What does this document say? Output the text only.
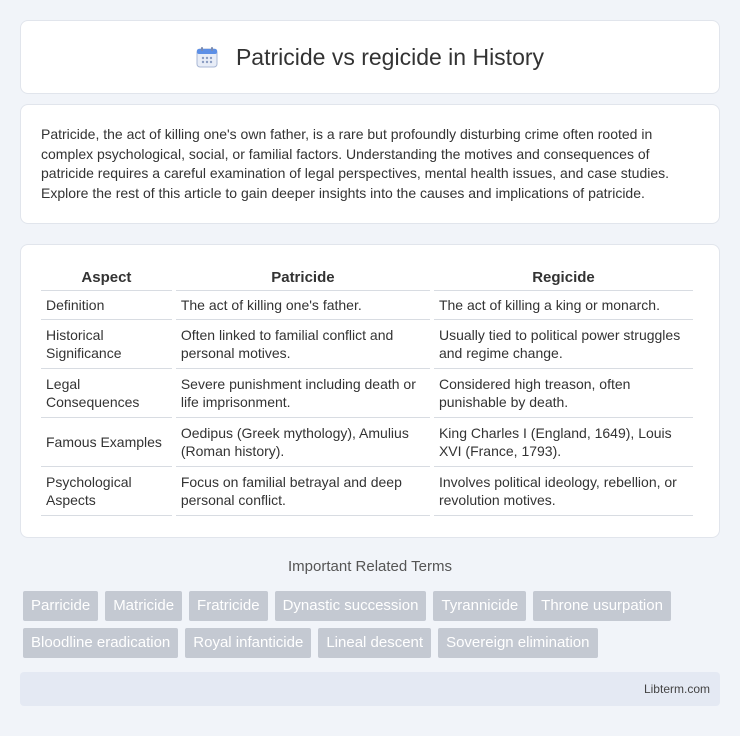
Patricide vs regicide in History

Patricide, the act of killing one's own father, is a rare but profoundly disturbing crime often rooted in complex psychological, social, or familial factors. Understanding the motives and consequences of patricide requires a careful examination of legal perspectives, mental health issues, and case studies. Explore the rest of this article to gain deeper insights into the causes and implications of patricide.

Aspect	Patricide	Regicide
Definition	The act of killing one's father.	The act of killing a king or monarch.
Historical Significance	Often linked to familial conflict and personal motives.	Usually tied to political power struggles and regime change.
Legal Consequences	Severe punishment including death or life imprisonment.	Considered high treason, often punishable by death.
Famous Examples	Oedipus (Greek mythology), Amulius (Roman history).	King Charles I (England, 1649), Louis XVI (France, 1793).
Psychological Aspects	Focus on familial betrayal and deep personal conflict.	Involves political ideology, rebellion, or revolution motives.
Important Related Terms
Parricide	Matricide	Fratricide	Dynastic succession	Tyrannicide	Throne usurpation
Bloodline eradication	Royal infanticide	Lineal descent	Sovereign elimination
Libterm.com
